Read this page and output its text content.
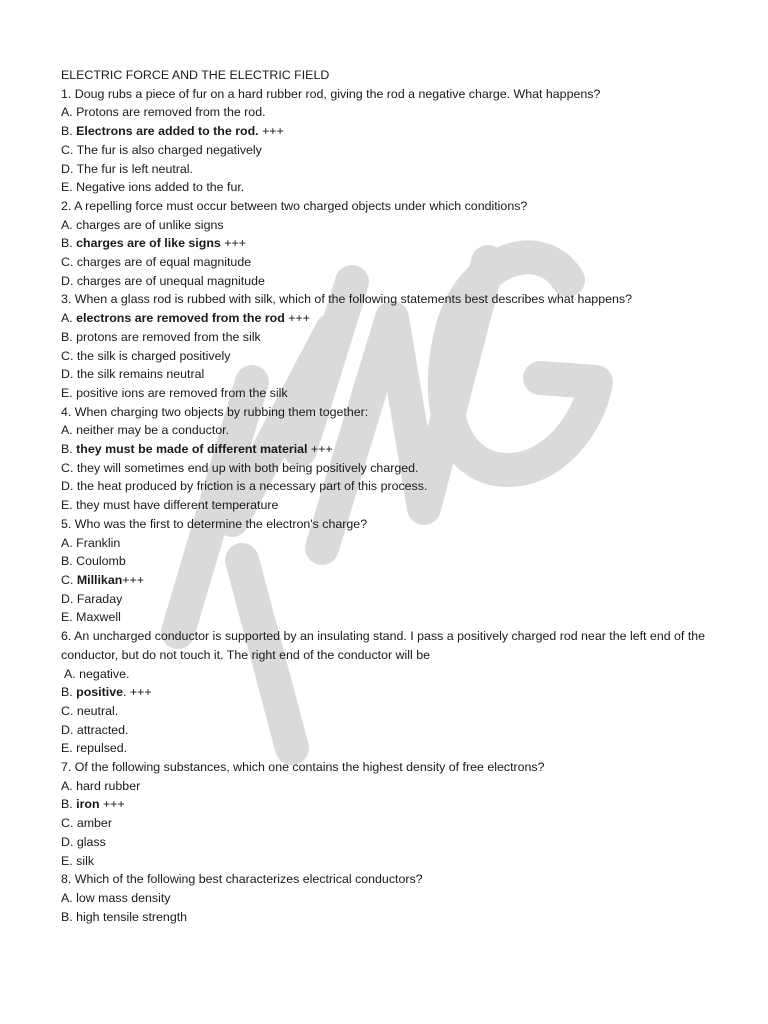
ELECTRIC FORCE AND THE ELECTRIC FIELD
1. Doug rubs a piece of fur on a hard rubber rod, giving the rod a negative charge. What happens?
A. Protons are removed from the rod.
B. Electrons are added to the rod. +++
C. The fur is also charged negatively
D. The fur is left neutral.
E. Negative ions added to the fur.
2. A repelling force must occur between two charged objects under which conditions?
A. charges are of unlike signs
B. charges are of like signs +++
C. charges are of equal magnitude
D. charges are of unequal magnitude
3. When a glass rod is rubbed with silk, which of the following statements best describes what happens?
A. electrons are removed from the rod +++
B. protons are removed from the silk
C. the silk is charged positively
D. the silk remains neutral
E. positive ions are removed from the silk
4. When charging two objects by rubbing them together:
A. neither may be a conductor.
B. they must be made of different material +++
C. they will sometimes end up with both being positively charged.
D. the heat produced by friction is a necessary part of this process.
E. they must have different temperature
5. Who was the first to determine the electron's charge?
A. Franklin
B. Coulomb
C. Millikan+++
D. Faraday
E. Maxwell
6. An uncharged conductor is supported by an insulating stand. I pass a positively charged rod near the left end of the conductor, but do not touch it. The right end of the conductor will be
A. negative.
B. positive. +++
C. neutral.
D. attracted.
E. repulsed.
7. Of the following substances, which one contains the highest density of free electrons?
A. hard rubber
B. iron +++
C. amber
D. glass
E. silk
8. Which of the following best characterizes electrical conductors?
A. low mass density
B. high tensile strength
